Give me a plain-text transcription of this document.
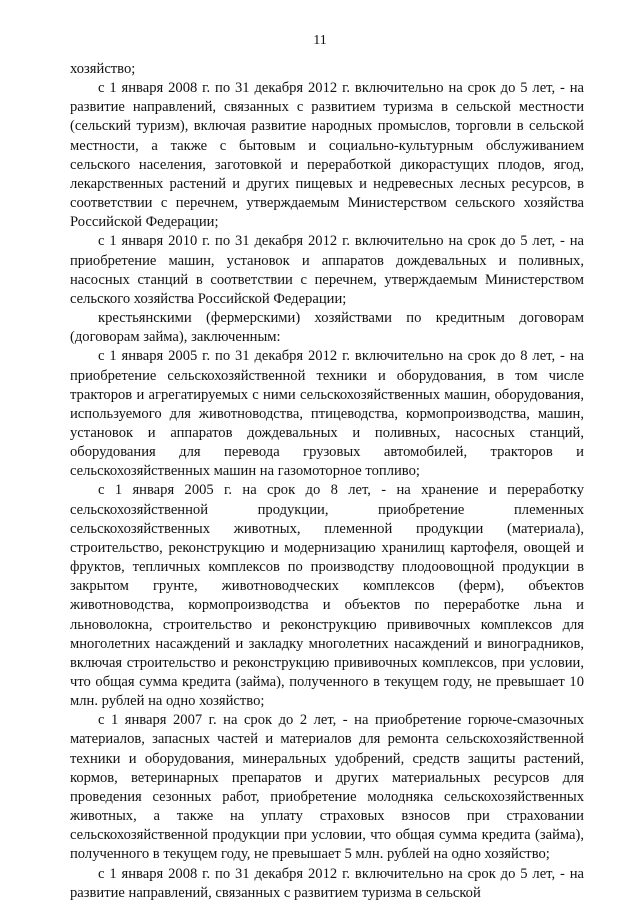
11

хозяйство;

с 1 января 2008 г. по 31 декабря 2012 г. включительно на срок до 5 лет, - на развитие направлений, связанных с развитием туризма в сельской местности (сельский туризм), включая развитие народных промыслов, торговли в сельской местности, а также с бытовым и социально-культурным обслуживанием сельского населения, заготовкой и переработкой дикорастущих плодов, ягод, лекарственных растений и других пищевых и недревесных лесных ресурсов, в соответствии с перечнем, утверждаемым Министерством сельского хозяйства Российской Федерации;

с 1 января 2010 г. по 31 декабря 2012 г. включительно на срок до 5 лет, - на приобретение машин, установок и аппаратов дождевальных и поливных, насосных станций в соответствии с перечнем, утверждаемым Министерством сельского хозяйства Российской Федерации;

крестьянскими (фермерскими) хозяйствами по кредитным договорам (договорам займа), заключенным:

с 1 января 2005 г. по 31 декабря 2012 г. включительно на срок до 8 лет, - на приобретение сельскохозяйственной техники и оборудования, в том числе тракторов и агрегатируемых с ними сельскохозяйственных машин, оборудования, используемого для животноводства, птицеводства, кормопроизводства, машин, установок и аппаратов дождевальных и поливных, насосных станций, оборудования для перевода грузовых автомобилей, тракторов и сельскохозяйственных машин на газомоторное топливо;

с 1 января 2005 г. на срок до 8 лет, - на хранение и переработку сельскохозяйственной продукции, приобретение племенных сельскохозяйственных животных, племенной продукции (материала), строительство, реконструкцию и модернизацию хранилищ картофеля, овощей и фруктов, тепличных комплексов по производству плодоовощной продукции в закрытом грунте, животноводческих комплексов (ферм), объектов животноводства, кормопроизводства и объектов по переработке льна и льноволокна, строительство и реконструкцию прививочных комплексов для многолетних насаждений и закладку многолетних насаждений и виноградников, включая строительство и реконструкцию прививочных комплексов, при условии, что общая сумма кредита (займа), полученного в текущем году, не превышает 10 млн. рублей на одно хозяйство;

с 1 января 2007 г. на срок до 2 лет, - на приобретение горюче-смазочных материалов, запасных частей и материалов для ремонта сельскохозяйственной техники и оборудования, минеральных удобрений, средств защиты растений, кормов, ветеринарных препаратов и других материальных ресурсов для проведения сезонных работ, приобретение молодняка сельскохозяйственных животных, а также на уплату страховых взносов при страховании сельскохозяйственной продукции при условии, что общая сумма кредита (займа), полученного в текущем году, не превышает 5 млн. рублей на одно хозяйство;

с 1 января 2008 г. по 31 декабря 2012 г. включительно на срок до 5 лет, - на развитие направлений, связанных с развитием туризма в сельской
